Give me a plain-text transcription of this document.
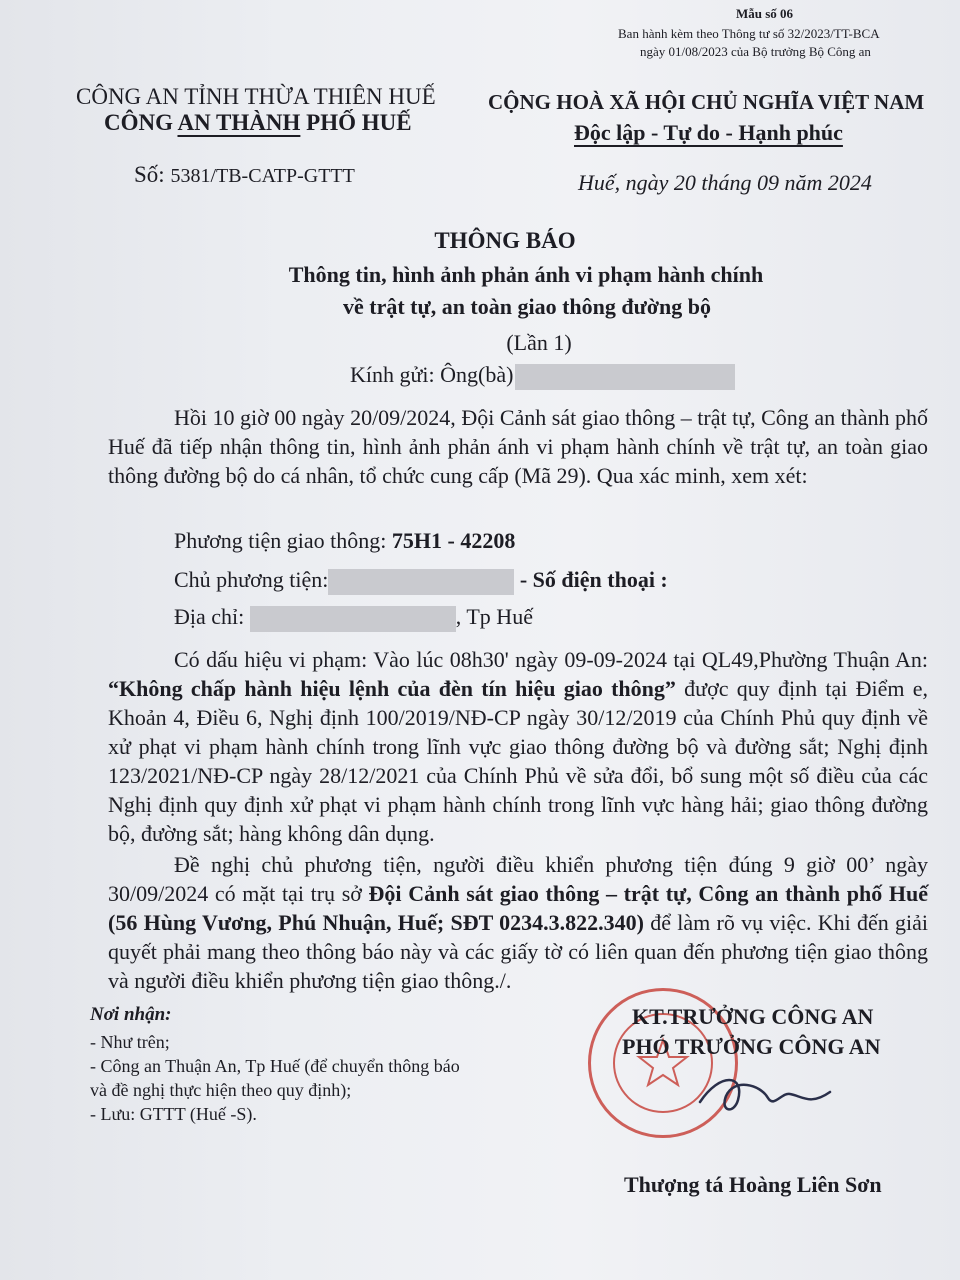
Mẫu số 06
Ban hành kèm theo Thông tư số 32/2023/TT-BCA
ngày 01/08/2023 của Bộ trưởng Bộ Công an
CÔNG AN TỈNH THỪA THIÊN HUẾ
CÔNG AN THÀNH PHỐ HUẾ
Số: 5381/TB-CATP-GTTT
CỘNG HOÀ XÃ HỘI CHỦ NGHĨA VIỆT NAM
Độc lập - Tự do - Hạnh phúc
Huế, ngày 20 tháng 09 năm 2024
THÔNG BÁO
Thông tin, hình ảnh phản ánh vi phạm hành chính
về trật tự, an toàn giao thông đường bộ
(Lần 1)
Kính gửi: Ông(bà)
Hồi 10 giờ 00 ngày 20/09/2024, Đội Cảnh sát giao thông – trật tự, Công an thành phố Huế đã tiếp nhận thông tin, hình ảnh phản ánh vi phạm hành chính về trật tự, an toàn giao thông đường bộ do cá nhân, tổ chức cung cấp (Mã 29). Qua xác minh, xem xét:
Phương tiện giao thông: 75H1 - 42208
Chủ phương tiện:	- Số điện thoại :
Địa chỉ:	, Tp Huế
Có dấu hiệu vi phạm: Vào lúc 08h30' ngày 09-09-2024 tại QL49,Phường Thuận An: “Không chấp hành hiệu lệnh của đèn tín hiệu giao thông” được quy định tại Điểm e, Khoản 4, Điều 6, Nghị định 100/2019/NĐ-CP ngày 30/12/2019 của Chính Phủ quy định về xử phạt vi phạm hành chính trong lĩnh vực giao thông đường bộ và đường sắt; Nghị định 123/2021/NĐ-CP ngày 28/12/2021 của Chính Phủ về sửa đổi, bổ sung một số điều của các Nghị định quy định xử phạt vi phạm hành chính trong lĩnh vực hàng hải; giao thông đường bộ, đường sắt; hàng không dân dụng.
Đề nghị chủ phương tiện, người điều khiển phương tiện đúng 9 giờ 00’ ngày 30/09/2024 có mặt tại trụ sở Đội Cảnh sát giao thông – trật tự, Công an thành phố Huế (56 Hùng Vương, Phú Nhuận, Huế; SĐT 0234.3.822.340) để làm rõ vụ việc. Khi đến giải quyết phải mang theo thông báo này và các giấy tờ có liên quan đến phương tiện giao thông và người điều khiển phương tiện giao thông./.
Nơi nhận:
- Như trên;
- Công an Thuận An, Tp Huế (để chuyển thông báo
và đề nghị thực hiện theo quy định);
- Lưu: GTTT (Huế -S).
KT.TRƯỞNG CÔNG AN
PHÓ TRƯỞNG CÔNG AN
Thượng tá Hoàng Liên Sơn
